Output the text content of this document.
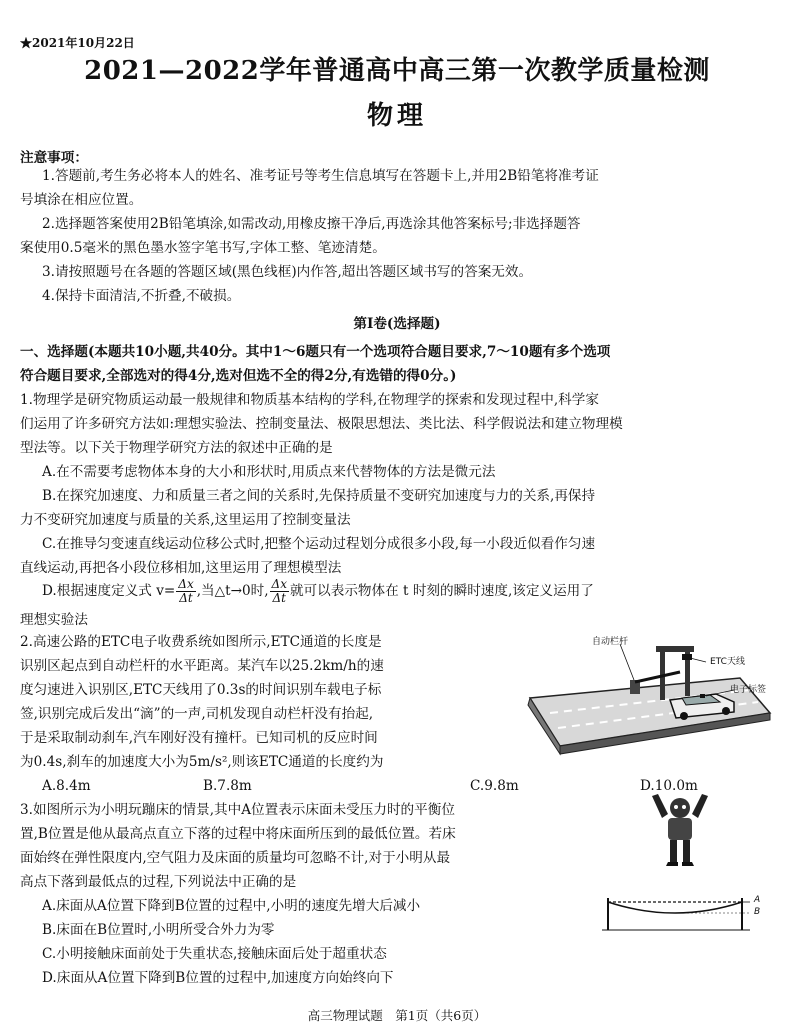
★2021年10月22日
2021—2022学年普通高中高三第一次教学质量检测
物理
注意事项：
1.答题前,考生务必将本人的姓名、准考证号等考生信息填写在答题卡上,并用2B铅笔将准考证
号填涂在相应位置。
2.选择题答案使用2B铅笔填涂,如需改动,用橡皮擦干净后,再选涂其他答案标号;非选择题答
案使用0.5毫米的黑色墨水签字笔书写,字体工整、笔迹清楚。
3.请按照题号在各题的答题区域(黑色线框)内作答,超出答题区域书写的答案无效。
4.保持卡面清洁,不折叠,不破损。
第Ⅰ卷(选择题)
一、选择题(本题共10小题,共40分。其中1～6题只有一个选项符合题目要求,7～10题有多个选项
符合题目要求,全部选对的得4分,选对但选不全的得2分,有选错的得0分。)
1.物理学是研究物质运动最一般规律和物质基本结构的学科,在物理学的探索和发现过程中,科学家
们运用了许多研究方法如:理想实验法、控制变量法、极限思想法、类比法、科学假说法和建立物理模
型法等。以下关于物理学研究方法的叙述中正确的是
A.在不需要考虑物体本身的大小和形状时,用质点来代替物体的方法是微元法
B.在探究加速度、力和质量三者之间的关系时,先保持质量不变研究加速度与力的关系,再保持
力不变研究加速度与质量的关系,这里运用了控制变量法
C.在推导匀变速直线运动位移公式时,把整个运动过程划分成很多小段,每一小段近似看作匀速
直线运动,再把各小段位移相加,这里运用了理想模型法
D.根据速度定义式 $v= \frac{\Delta x}{\Delta t}$ ,当△t→0时, $\frac{\Delta x}{\Delta t}$ 就可以表示物体在 t 时刻的瞬时速度,该定义运用了
理想实验法
2.高速公路的ETC电子收费系统如图所示,ETC通道的长度是
识别区起点到自动栏杆的水平距离。某汽车以25.2km/h的速
度匀速进入识别区,ETC天线用了0.3s的时间识别车载电子标
签,识别完成后发出“滴”的一声,司机发现自动栏杆没有抬起,
于是采取制动刹车,汽车刚好没有撞杆。已知司机的反应时间
为0.4s,刹车的加速度大小为5m/s²,则该ETC通道的长度约为
A.8.4m	B.7.8m	C.9.8m	D.10.0m
自动栏杆
ETC天线
电子标签
3.如图所示为小明玩蹦床的情景,其中A位置表示床面未受压力时的平衡位
置,B位置是他从最高点直立下落的过程中将床面所压到的最低位置。若床
面始终在弹性限度内,空气阻力及床面的质量均可忽略不计,对于小明从最
高点下落到最低点的过程,下列说法中正确的是
A.床面从A位置下降到B位置的过程中,小明的速度先增大后减小
B.床面在B位置时,小明所受合外力为零
C.小明接触床面前处于失重状态,接触床面后处于超重状态
D.床面从A位置下降到B位置的过程中,加速度方向始终向下
A
B
高三物理试题　第1页（共6页）
